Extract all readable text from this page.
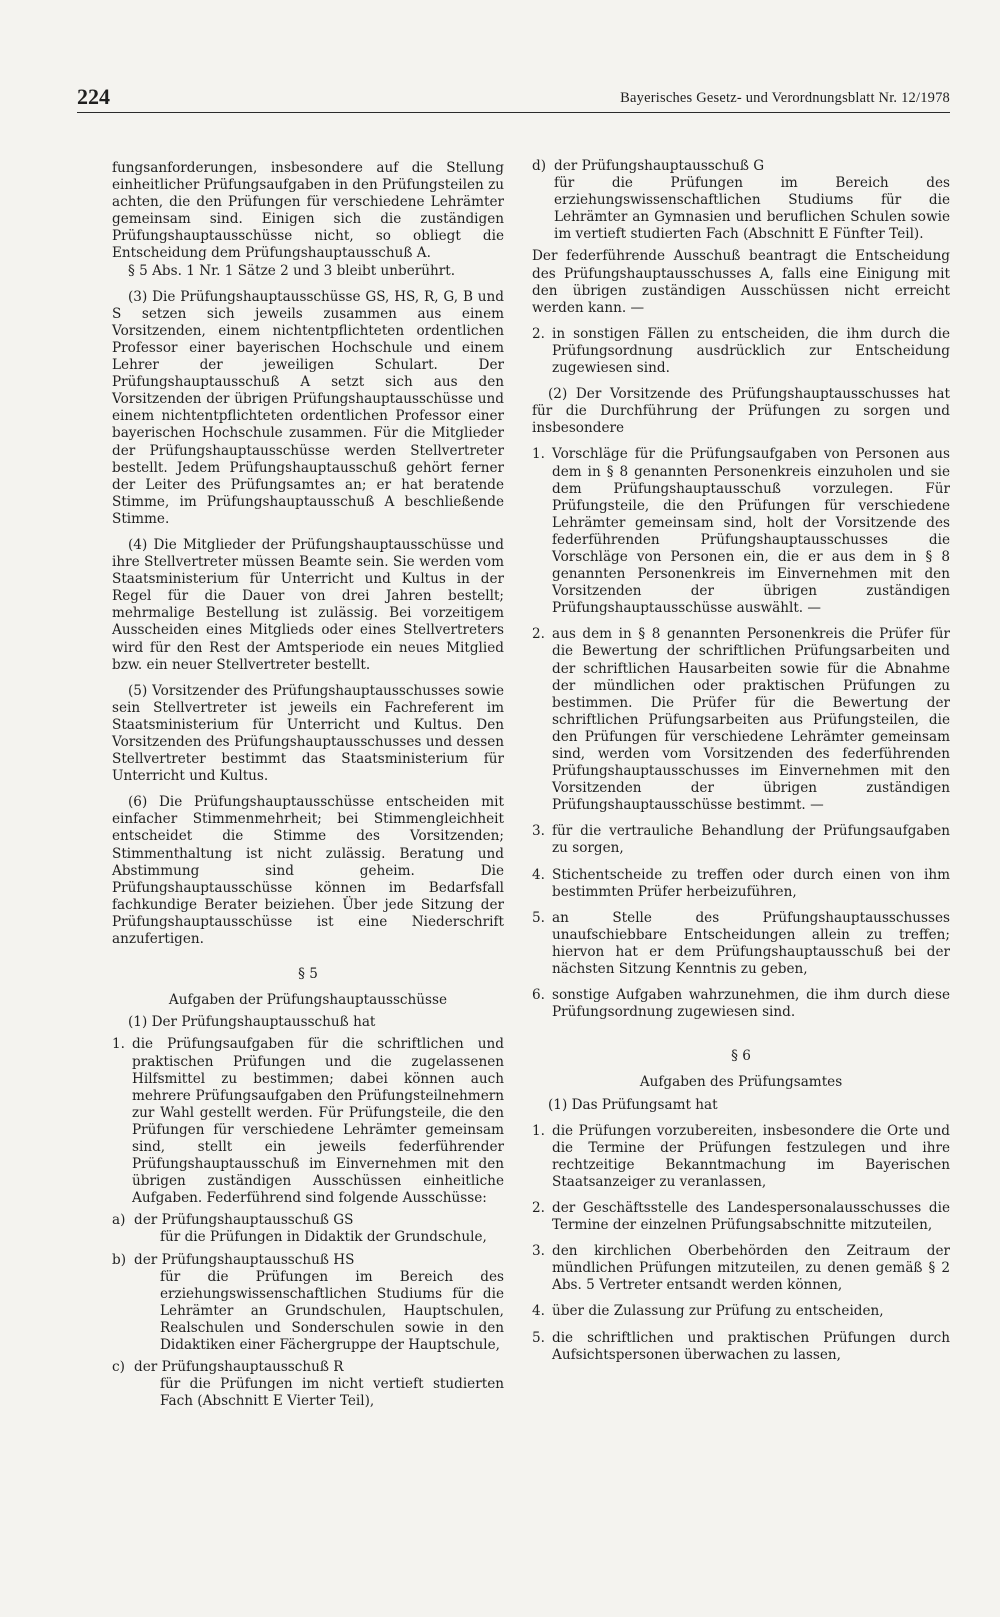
224	Bayerisches Gesetz- und Verordnungsblatt Nr. 12/1978

fungsanforderungen, insbesondere auf die Stellung einheitlicher Prüfungsaufgaben in den Prüfungsteilen zu achten, die den Prüfungen für verschiedene Lehrämter gemeinsam sind. Einigen sich die zuständigen Prüfungshauptausschüsse nicht, so obliegt die Entscheidung dem Prüfungshauptausschuß A.

§ 5 Abs. 1 Nr. 1 Sätze 2 und 3 bleibt unberührt.

(3) Die Prüfungshauptausschüsse GS, HS, R, G, B und S setzen sich jeweils zusammen aus einem Vorsitzenden, einem nichtentpflichteten ordentlichen Professor einer bayerischen Hochschule und einem Lehrer der jeweiligen Schulart. Der Prüfungshauptausschuß A setzt sich aus den Vorsitzenden der übrigen Prüfungshauptausschüsse und einem nichtentpflichteten ordentlichen Professor einer bayerischen Hochschule zusammen. Für die Mitglieder der Prüfungshauptausschüsse werden Stellvertreter bestellt. Jedem Prüfungshauptausschuß gehört ferner der Leiter des Prüfungsamtes an; er hat beratende Stimme, im Prüfungshauptausschuß A beschließende Stimme.

(4) Die Mitglieder der Prüfungshauptausschüsse und ihre Stellvertreter müssen Beamte sein. Sie werden vom Staatsministerium für Unterricht und Kultus in der Regel für die Dauer von drei Jahren bestellt; mehrmalige Bestellung ist zulässig. Bei vorzeitigem Ausscheiden eines Mitglieds oder eines Stellvertreters wird für den Rest der Amtsperiode ein neues Mitglied bzw. ein neuer Stellvertreter bestellt.

(5) Vorsitzender des Prüfungshauptausschusses sowie sein Stellvertreter ist jeweils ein Fachreferent im Staatsministerium für Unterricht und Kultus. Den Vorsitzenden des Prüfungshauptausschusses und dessen Stellvertreter bestimmt das Staatsministerium für Unterricht und Kultus.

(6) Die Prüfungshauptausschüsse entscheiden mit einfacher Stimmenmehrheit; bei Stimmengleichheit entscheidet die Stimme des Vorsitzenden; Stimmenthaltung ist nicht zulässig. Beratung und Abstimmung sind geheim. Die Prüfungshauptausschüsse können im Bedarfsfall fachkundige Berater beiziehen. Über jede Sitzung der Prüfungshauptausschüsse ist eine Niederschrift anzufertigen.

§ 5

Aufgaben der Prüfungshauptausschüsse

(1) Der Prüfungshauptausschuß hat

1. die Prüfungsaufgaben für die schriftlichen und praktischen Prüfungen und die zugelassenen Hilfsmittel zu bestimmen; dabei können auch mehrere Prüfungsaufgaben den Prüfungsteilnehmern zur Wahl gestellt werden. Für Prüfungsteile, die den Prüfungen für verschiedene Lehrämter gemeinsam sind, stellt ein jeweils federführender Prüfungshauptausschuß im Einvernehmen mit den übrigen zuständigen Ausschüssen einheitliche Aufgaben. Federführend sind folgende Ausschüsse:
a) der Prüfungshauptausschuß GS

für die Prüfungen in Didaktik der Grundschule,

b) der Prüfungshauptausschuß HS

für die Prüfungen im Bereich des erziehungswissenschaftlichen Studiums für die Lehrämter an Grundschulen, Hauptschulen, Realschulen und Sonderschulen sowie in den Didaktiken einer Fächergruppe der Hauptschule,

c) der Prüfungshauptausschuß R

für die Prüfungen im nicht vertieft studierten Fach (Abschnitt E Vierter Teil),

d) der Prüfungshauptausschuß G

für die Prüfungen im Bereich des erziehungswissenschaftlichen Studiums für die Lehrämter an Gymnasien und beruflichen Schulen sowie im vertieft studierten Fach (Abschnitt E Fünfter Teil).

Der federführende Ausschuß beantragt die Entscheidung des Prüfungshauptausschusses A, falls eine Einigung mit den übrigen zuständigen Ausschüssen nicht erreicht werden kann. —

2. in sonstigen Fällen zu entscheiden, die ihm durch die Prüfungsordnung ausdrücklich zur Entscheidung zugewiesen sind.

(2) Der Vorsitzende des Prüfungshauptausschusses hat für die Durchführung der Prüfungen zu sorgen und insbesondere

1. Vorschläge für die Prüfungsaufgaben von Personen aus dem in § 8 genannten Personenkreis einzuholen und sie dem Prüfungshauptausschuß vorzulegen. Für Prüfungsteile, die den Prüfungen für verschiedene Lehrämter gemeinsam sind, holt der Vorsitzende des federführenden Prüfungshauptausschusses die Vorschläge von Personen ein, die er aus dem in § 8 genannten Personenkreis im Einvernehmen mit den Vorsitzenden der übrigen zuständigen Prüfungshauptausschüsse auswählt. —
2. aus dem in § 8 genannten Personenkreis die Prüfer für die Bewertung der schriftlichen Prüfungsarbeiten und der schriftlichen Hausarbeiten sowie für die Abnahme der mündlichen oder praktischen Prüfungen zu bestimmen. Die Prüfer für die Bewertung der schriftlichen Prüfungsarbeiten aus Prüfungsteilen, die den Prüfungen für verschiedene Lehrämter gemeinsam sind, werden vom Vorsitzenden des federführenden Prüfungshauptausschusses im Einvernehmen mit den Vorsitzenden der übrigen zuständigen Prüfungshauptausschüsse bestimmt. —
3. für die vertrauliche Behandlung der Prüfungsaufgaben zu sorgen,
4. Stichentscheide zu treffen oder durch einen von ihm bestimmten Prüfer herbeizuführen,
5. an Stelle des Prüfungshauptausschusses unaufschiebbare Entscheidungen allein zu treffen; hiervon hat er dem Prüfungshauptausschuß bei der nächsten Sitzung Kenntnis zu geben,
6. sonstige Aufgaben wahrzunehmen, die ihm durch diese Prüfungsordnung zugewiesen sind.

§ 6

Aufgaben des Prüfungsamtes

(1) Das Prüfungsamt hat

1. die Prüfungen vorzubereiten, insbesondere die Orte und die Termine der Prüfungen festzulegen und ihre rechtzeitige Bekanntmachung im Bayerischen Staatsanzeiger zu veranlassen,
2. der Geschäftsstelle des Landespersonalausschusses die Termine der einzelnen Prüfungsabschnitte mitzuteilen,
3. den kirchlichen Oberbehörden den Zeitraum der mündlichen Prüfungen mitzuteilen, zu denen gemäß § 2 Abs. 5 Vertreter entsandt werden können,
4. über die Zulassung zur Prüfung zu entscheiden,
5. die schriftlichen und praktischen Prüfungen durch Aufsichtspersonen überwachen zu lassen,
